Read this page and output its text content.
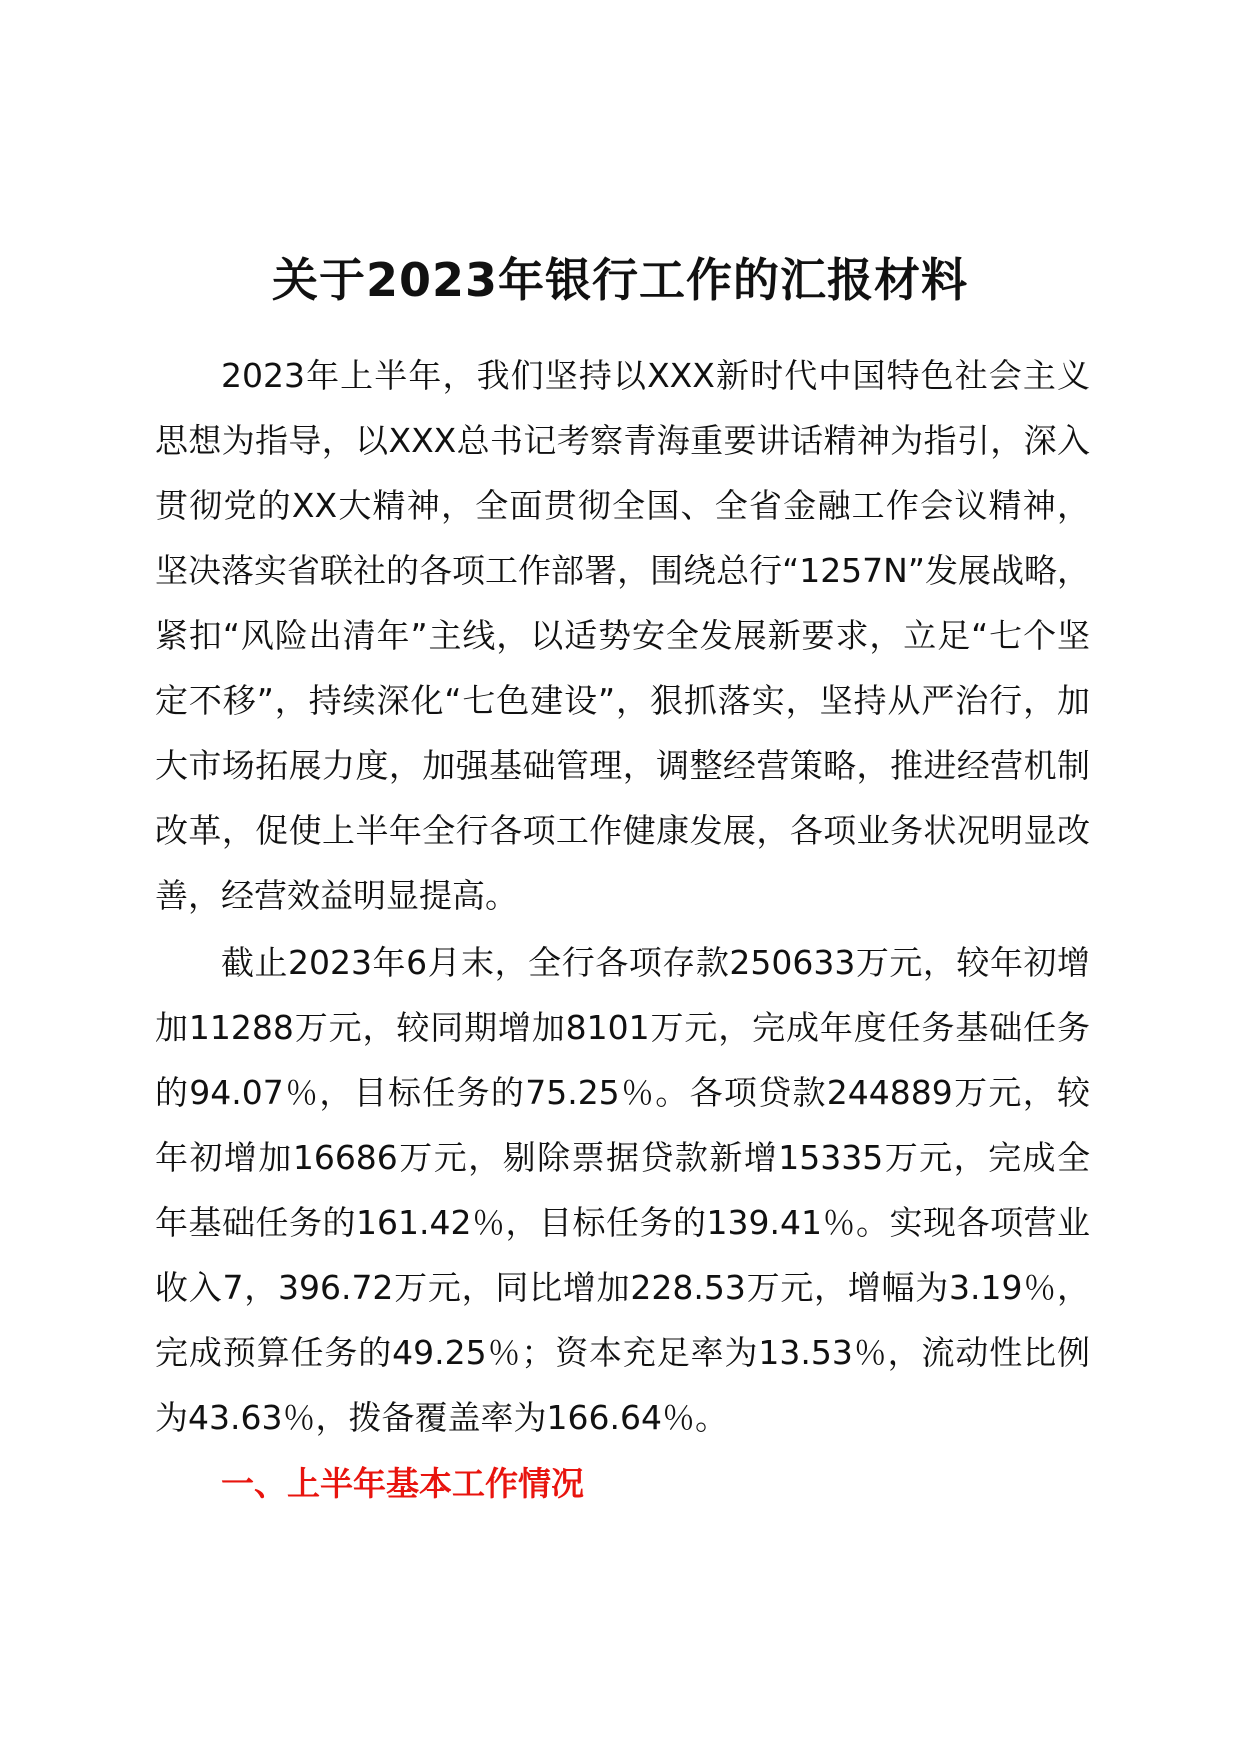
关于2023年银行工作的汇报材料

2023年上半年，我们坚持以XXX新时代中国特色社会主义思想为指导，以XXX总书记考察青海重要讲话精神为指引，深入贯彻党的XX大精神，全面贯彻全国、全省金融工作会议精神，坚决落实省联社的各项工作部署，围绕总行“1257N”发展战略，紧扣“风险出清年”主线，以适势安全发展新要求，立足“七个坚定不移”，持续深化“七色建设”，狠抓落实，坚持从严治行，加大市场拓展力度，加强基础管理，调整经营策略，推进经营机制改革，促使上半年全行各项工作健康发展，各项业务状况明显改善，经营效益明显提高。

截止2023年6月末，全行各项存款250633万元，较年初增加11288万元，较同期增加8101万元，完成年度任务基础任务的94.07％，目标任务的75.25％。各项贷款244889万元，较年初增加16686万元，剔除票据贷款新增15335万元，完成全年基础任务的161.42％，目标任务的139.41％。实现各项营业收入7，396.72万元，同比增加228.53万元，增幅为3.19％，完成预算任务的49.25％；资本充足率为13.53％，流动性比例为43.63％，拨备覆盖率为166.64％。

一、上半年基本工作情况
